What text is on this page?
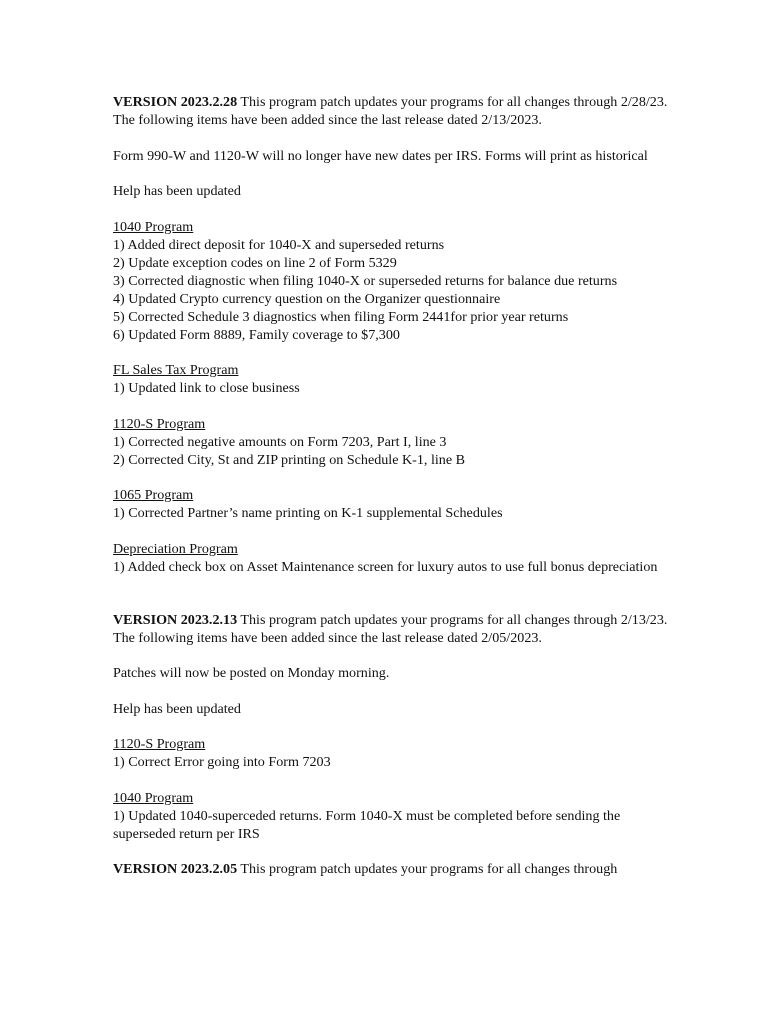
VERSION 2023.2.28 This program patch updates your programs for all changes through 2/28/23. The following items have been added since the last release dated 2/13/2023.

Form 990-W and 1120-W will no longer have new dates per IRS. Forms will print as historical

Help has been updated

1040 Program

1) Added direct deposit for 1040-X and superseded returns

2) Update exception codes on line 2 of Form 5329

3) Corrected diagnostic when filing 1040-X or superseded returns for balance due returns

4) Updated Crypto currency question on the Organizer questionnaire

5) Corrected Schedule 3 diagnostics when filing Form 2441for prior year returns

6) Updated Form 8889, Family coverage to $7,300

FL Sales Tax Program

1) Updated link to close business

1120-S Program

1) Corrected negative amounts on Form 7203, Part I, line 3

2) Corrected City, St and ZIP printing on Schedule K-1, line B

1065 Program

1) Corrected Partner’s name printing on K-1 supplemental Schedules

Depreciation Program

1) Added check box on Asset Maintenance screen for luxury autos to use full bonus depreciation

VERSION 2023.2.13 This program patch updates your programs for all changes through 2/13/23. The following items have been added since the last release dated 2/05/2023.

Patches will now be posted on Monday morning.

Help has been updated

1120-S Program

1) Correct Error going into Form 7203

1040 Program

1) Updated 1040-superceded returns. Form 1040-X must be completed before sending the superseded return per IRS

VERSION 2023.2.05 This program patch updates your programs for all changes through
